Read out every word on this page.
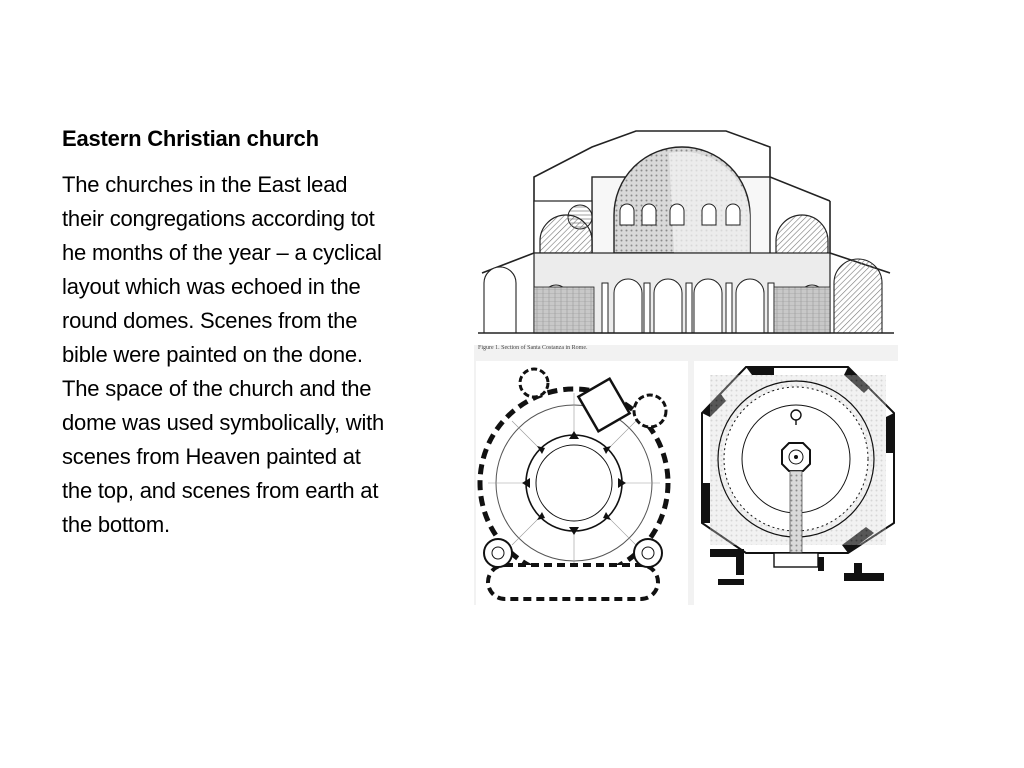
Eastern Christian church

The churches in the East lead their congregations according tot he months of the year – a cyclical layout which was echoed in the round domes. Scenes from the bible were painted on the done. The space of the church and the dome was used symbolically, with scenes from Heaven painted at the top, and scenes from earth at the bottom.

Figure 1. Section of Santa Costanza in Rome.
